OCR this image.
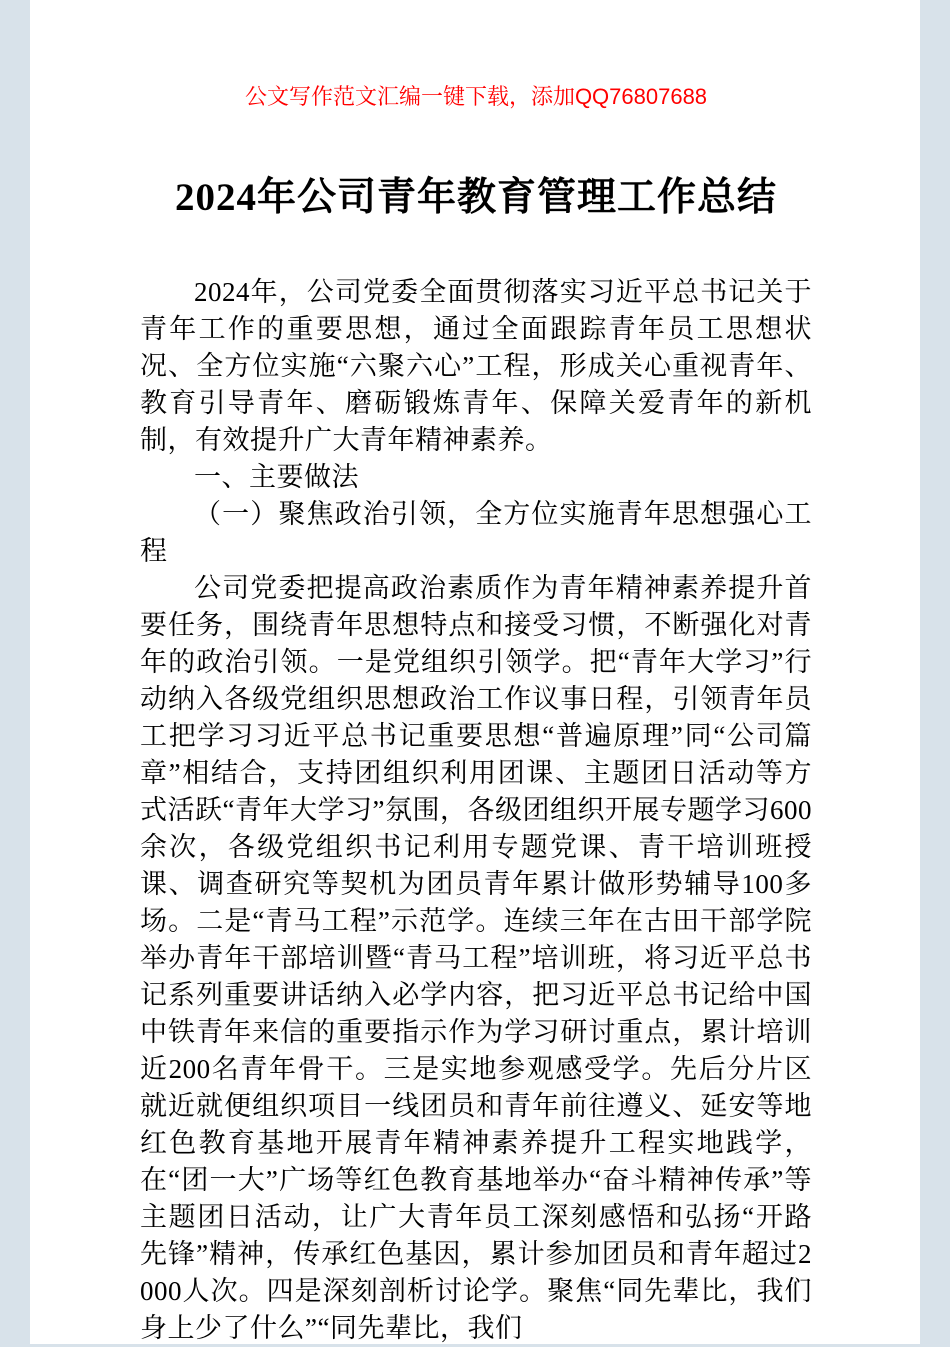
公文写作范文汇编一键下载，添加QQ76807688
2024年公司青年教育管理工作总结

2024年，公司党委全面贯彻落实习近平总书记关于青年工作的重要思想，通过全面跟踪青年员工思想状况、全方位实施“六聚六心”工程，形成关心重视青年、教育引导青年、磨砺锻炼青年、保障关爱青年的新机制，有效提升广大青年精神素养。

一、主要做法

（一）聚焦政治引领，全方位实施青年思想强心工程

公司党委把提高政治素质作为青年精神素养提升首要任务，围绕青年思想特点和接受习惯，不断强化对青年的政治引领。一是党组织引领学。把“青年大学习”行动纳入各级党组织思想政治工作议事日程，引领青年员工把学习习近平总书记重要思想“普遍原理”同“公司篇章”相结合，支持团组织利用团课、主题团日活动等方式活跃“青年大学习”氛围，各级团组织开展专题学习600余次，各级党组织书记利用专题党课、青干培训班授课、调查研究等契机为团员青年累计做形势辅导100多场。二是“青马工程”示范学。连续三年在古田干部学院举办青年干部培训暨“青马工程”培训班，将习近平总书记系列重要讲话纳入必学内容，把习近平总书记给中国中铁青年来信的重要指示作为学习研讨重点，累计培训近200名青年骨干。三是实地参观感受学。先后分片区就近就便组织项目一线团员和青年前往遵义、延安等地红色教育基地开展青年精神素养提升工程实地践学，在“团一大”广场等红色教育基地举办“奋斗精神传承”等主题团日活动，让广大青年员工深刻感悟和弘扬“开路先锋”精神，传承红色基因，累计参加团员和青年超过2000人次。四是深刻剖析讨论学。聚焦“同先辈比，我们身上少了什么”“同先辈比，我们
